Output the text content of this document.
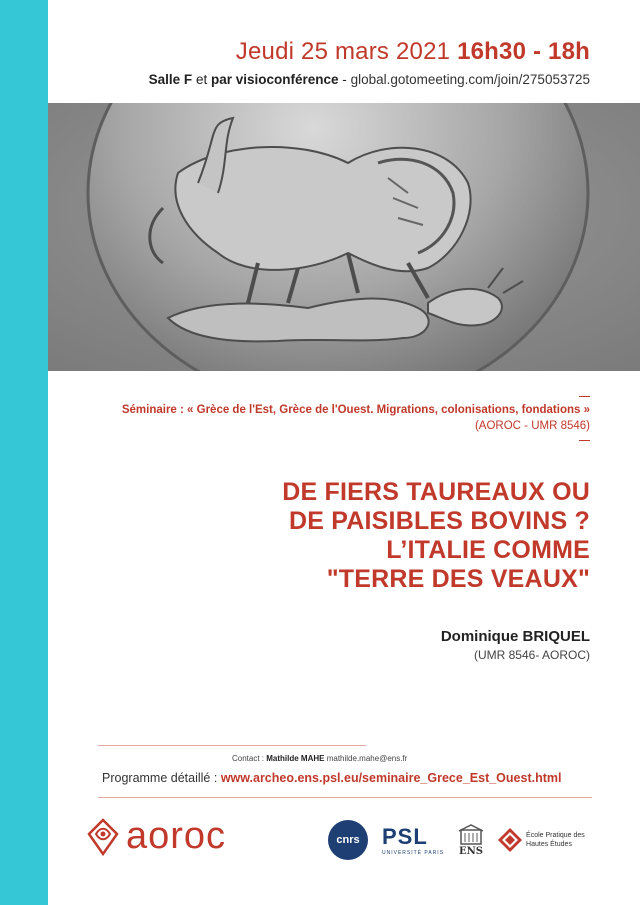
Jeudi 25 mars 2021 16h30 - 18h
Salle F et par visioconférence - global.gotomeeting.com/join/275053725
Séminaire : « Grèce de l'Est, Grèce de l'Ouest. Migrations, colonisations, fondations »
(AOROC - UMR 8546)
DE FIERS TAUREAUX OU
DE PAISIBLES BOVINS ?
L’ITALIE COMME
"TERRE DES VEAUX"
Dominique BRIQUEL
(UMR 8546- AOROC)
Contact : Mathilde MAHE mathilde.mahe@ens.fr
Programme détaillé : www.archeo.ens.psl.eu/seminaire_Grece_Est_Ouest.html
aoroc	cnrs	PSL
UNIVERSITÉ PARIS ENS
École Pratique des Hautes Études
